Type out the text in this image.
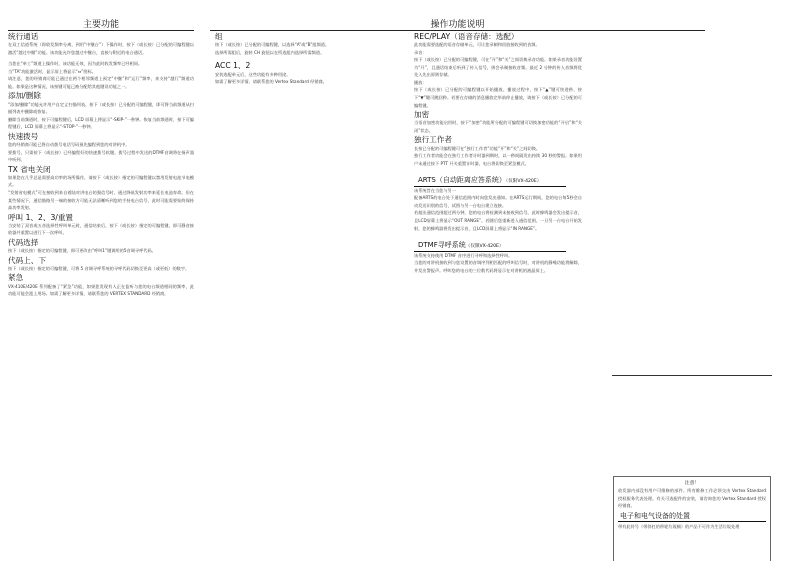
主要功能	操作功能说明
统行通话

在双工信道系统（即收发频率分离，到用“中继台”）下操作时，按下（或长按）已分配的可编程键以激活“越过中继”功能。该功能允许您越过中继台，直接与附近的电台通话。

当您在“单工”频道上操作时，该功能无效，因为此时收发频率已经相同。

当“TA”功能激活时，显示屏上将显示“⇔”图标。

请注意，您的经销商可能已通过在两个相邻频道上预定“中继”和“运行”频率，来支持“越行”频道功能。如果是这种情况，该按键可能已被分配给其他键设功能之一。

添加/删除

“添加/删除”功能允许用户自定义扫描列表。按下（或长按）已分配的可编程键，即可将当前频道从扫描列表中删除或恢复。

删除当前频道时，按下可编程键后，LCD 屏幕上将显示“-SKIP-”一秒钟。恢复当前频道时，按下可编程键后，LCD 屏幕上将显示“-STOP-”一秒钟。

快速拨号

您的经销商可能已将自动拨号电话号码预先编程到您的对讲机中。

要拨号，只需按下（或长按）已经编程好的快速拨号软键。拨号过程中发送的DTMF音调将在扬声器中听到。

TX 省电关闭

如果您在几乎总是需要高功率的场所操作，请按下（或长按）指定的可编程键以禁用发射电池节电模式。

“发射省电模式”可在接收到来自着陆对讲电台的强信号时，通过降低发射功率来延长电池寿命。但在某些情况下，通信链路另一端的接收方可能无法清晰听到您的手持电台信号，此时可能需要始终保持高功率发射。

呼叫 1、2、3/重置

当安装了双音或五音选择性呼叫单元时，通信结束后，按下（或长按）指定的可编程键，即可静音接收器并重置以进行下一次呼叫。

代码选择

按下（或长按）指定的可编程键，即可更改由“呼叫1”键调用的5音调寻呼代码。

代码上、下

按下（或长按）指定的可编程键，可将 5 音调寻呼系统的寻呼代码切换至更高（或更低）的数字。

紧急

VX-410E/420E 系列配备了“紧急”功能，如果您发现有人正在监听与您的电台频道相同的频率，此功能可能会派上用场。如需了解更多详情，请联系您的 VERTEX STANDARD 经销商。

组

按下（或长按）已分配的可编程键，以选择“A”或“B”组频道。

选择所需组后，旋转 CH 旋钮以在所选组内选择所需频道。

ACC 1、2

安装选配单元后，这些功能有多种用途。

如需了解更多详情，请联系您的 Vertex Standard 经销商。

REC/PLAY（语音存储：选配）

此功能需要选配的语音存储单元，可让您录制和回放接收到的音频。

录音：

按下（或长按）已分配的可编程键，可在“开”和“关”之间切换录音功能。如果录音功能设置为“开”，且通话结束后听到了传入信号，则会录制接收音频。最近 2 分钟的传入音频将优先入先出原则存储。

播放：

按下（或长按）已分配的可编程键以开始播放。播放过程中，按下“▲”键可快进秒，按下“▼”键可跳回秒。若要在存储的消息播放完毕前停止播放，请按下（或长按）已分配的可编程键。

加密

当语音加密功能启用时，按下“加密”功能所分配的可编程键可切换加密功能的“开启”和“关闭”状态。

独行工作者

长按已分配的可编程键可在“独行工作者”功能“开”和“关”之间切换。

独行工作者功能会在独行工作者计时器到期时，以一秒间隔发出持续 30 秒的警报。如果用户未通过按下 PTT 开关重置计时器，电台将切换至紧急模式。

ARTS（自动距离应答系统）（仅限VX-420E）

该系统旨在当您与另一

配备ARTS的电台处于通信范围内时向您发出通知。在ARTS运行期间，您的电台每5秒会自动发送识别的信号，试图与另一台电台建立连接。

若超出通信范围超过两分钟，您的电台将检测到未接收到信号，此时蜂鸣器会发出提示音，且LCD屏幕上将显示“OUT RANGE”。若随后您重新进入通信范围，一旦另一台电台开始发射，您的蜂鸣器将发出提示音，且LCD屏幕上将显示“IN RANGE”。

DTMF寻呼系统（仅限VX-420E）

该系统支持使用 DTMF 音序进行寻呼和选择性呼叫。

当您的对讲机接收到与您设置的音调序列相匹配的呼叫信号时，对讲机的静噪功能将解除，并发出警报声。呼叫您的电台的三位数代码将显示在对讲机的液晶屏上。

注意！
收发器内部没有用户可维修的部件。所有维修工作必须交由 Vertex Standard 授权服务代表处理。有关可选配件的安装，请咨询您的 Vertex Standard 授权经销商。
电子和电气设备的处置
带有此符号（带斜杠的带轮垃圾桶）的产品不可作为生活垃圾处理
